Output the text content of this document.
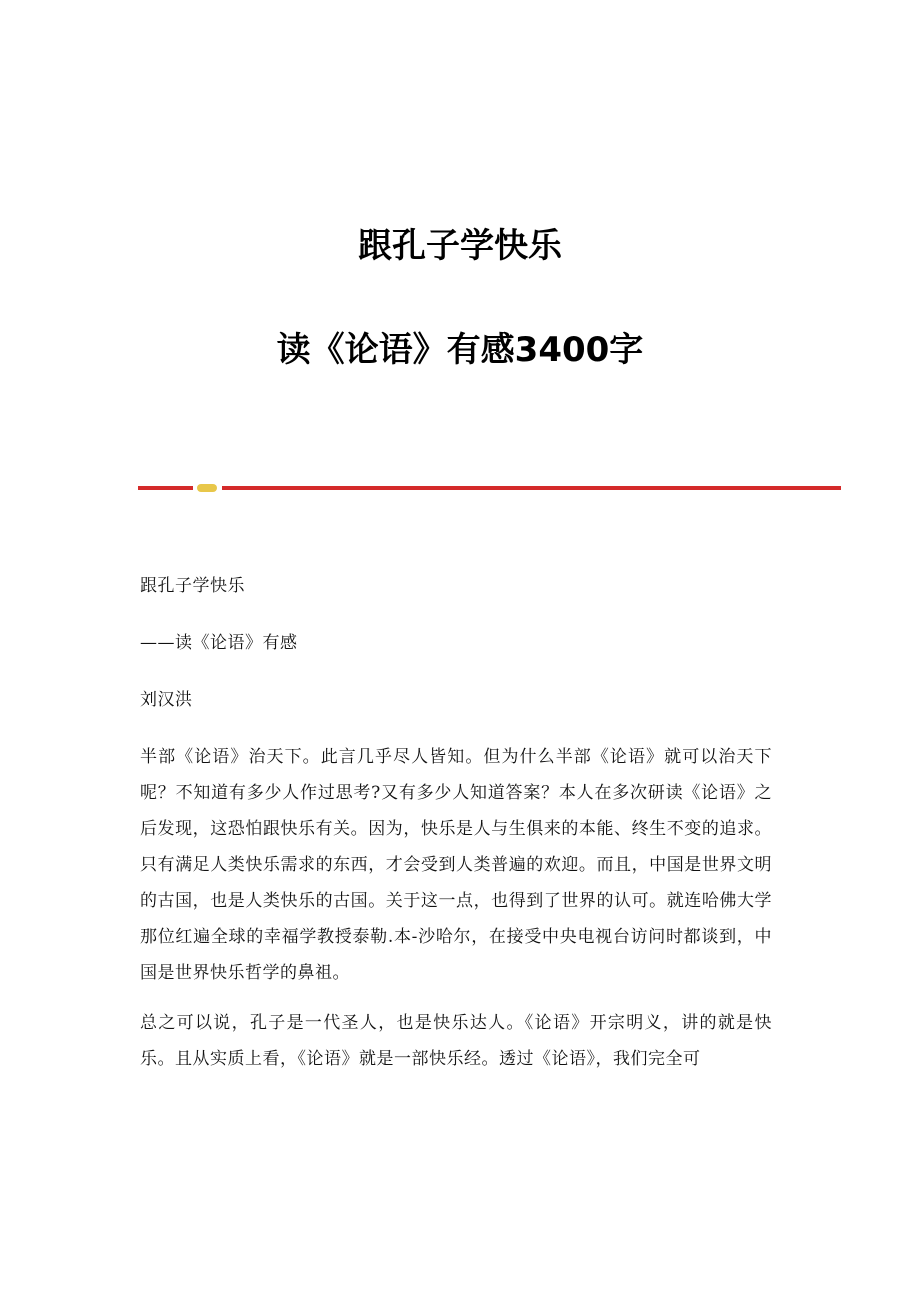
跟孔子学快乐
读《论语》有感3400字

跟孔子学快乐

——读《论语》有感

刘汉洪

半部《论语》治天下。此言几乎尽人皆知。但为什么半部《论语》就可以治天下呢？不知道有多少人作过思考?又有多少人知道答案？本人在多次研读《论语》之后发现，这恐怕跟快乐有关。因为，快乐是人与生俱来的本能、终生不变的追求。只有满足人类快乐需求的东西，才会受到人类普遍的欢迎。而且，中国是世界文明的古国，也是人类快乐的古国。关于这一点，也得到了世界的认可。就连哈佛大学那位红遍全球的幸福学教授泰勒.本-沙哈尔，在接受中央电视台访问时都谈到，中国是世界快乐哲学的鼻祖。

总之可以说，孔子是一代圣人，也是快乐达人。《论语》开宗明义，讲的就是快乐。且从实质上看，《论语》就是一部快乐经。透过《论语》，我们完全可
